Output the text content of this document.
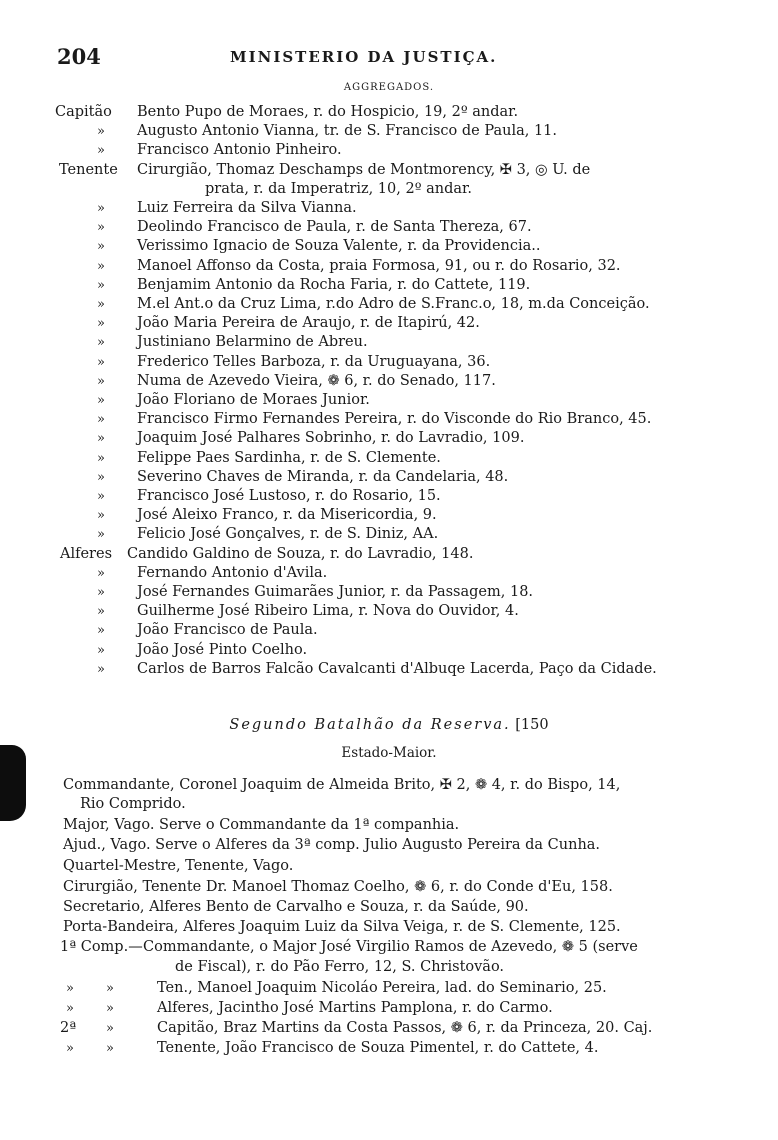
204	MINISTERIO DA JUSTIÇA.
AGGREGADOS.
Capitão Bento Pupo de Moraes, r. do Hospicio, 19, 2º andar.
» Augusto Antonio Vianna, tr. de S. Francisco de Paula, 11.
» Francisco Antonio Pinheiro.
Tenente Cirurgião, Thomaz Deschamps de Montmorency, ✠ 3, ◎ U. de
prata, r. da Imperatriz, 10, 2º andar.
» Luiz Ferreira da Silva Vianna.
» Deolindo Francisco de Paula, r. de Santa Thereza, 67.
» Verissimo Ignacio de Souza Valente, r. da Providencia..
» Manoel Affonso da Costa, praia Formosa, 91, ou r. do Rosario, 32.
» Benjamim Antonio da Rocha Faria, r. do Cattete, 119.
» M.el Ant.o da Cruz Lima, r.do Adro de S.Franc.o, 18, m.da Conceição.
» João Maria Pereira de Araujo, r. de Itapirú, 42.
» Justiniano Belarmino de Abreu.
» Frederico Telles Barboza, r. da Uruguayana, 36.
» Numa de Azevedo Vieira, ❁ 6, r. do Senado, 117.
» João Floriano de Moraes Junior.
» Francisco Firmo Fernandes Pereira, r. do Visconde do Rio Branco, 45.
» Joaquim José Palhares Sobrinho, r. do Lavradio, 109.
» Felippe Paes Sardinha, r. de S. Clemente.
» Severino Chaves de Miranda, r. da Candelaria, 48.
» Francisco José Lustoso, r. do Rosario, 15.
» José Aleixo Franco, r. da Misericordia, 9.
» Felicio José Gonçalves, r. de S. Diniz, AA.
Alferes Candido Galdino de Souza, r. do Lavradio, 148.
» Fernando Antonio d'Avila.
» José Fernandes Guimarães Junior, r. da Passagem, 18.
» Guilherme José Ribeiro Lima, r. Nova do Ouvidor, 4.
» João Francisco de Paula.
» João José Pinto Coelho.
» Carlos de Barros Falcão Cavalcanti d'Albuqe Lacerda, Paço da Cidade.
Segundo Batalhão da Reserva. [150
Estado-Maior.
Commandante, Coronel Joaquim de Almeida Brito, ✠ 2, ❁ 4, r. do Bispo, 14,
Rio Comprido.
Major, Vago. Serve o Commandante da 1ª companhia.
Ajud., Vago. Serve o Alferes da 3ª comp. Julio Augusto Pereira da Cunha.
Quartel-Mestre, Tenente, Vago.
Cirurgião, Tenente Dr. Manoel Thomaz Coelho, ❁ 6, r. do Conde d'Eu, 158.
Secretario, Alferes Bento de Carvalho e Souza, r. da Saúde, 90.
Porta-Bandeira, Alferes Joaquim Luiz da Silva Veiga, r. de S. Clemente, 125.
1ª Comp.— Commandante, o Major José Virgilio Ramos de Azevedo, ❁ 5 (serve
de Fiscal), r. do Pão Ferro, 12, S. Christovão.
» »	Ten., Manoel Joaquim Nicoláo Pereira, lad. do Seminario, 25.
» »	Alferes, Jacintho José Martins Pamplona, r. do Carmo.
2ª »	Capitão, Braz Martins da Costa Passos, ❁ 6, r. da Princeza, 20. Caj.
» »	Tenente, João Francisco de Souza Pimentel, r. do Cattete, 4.
